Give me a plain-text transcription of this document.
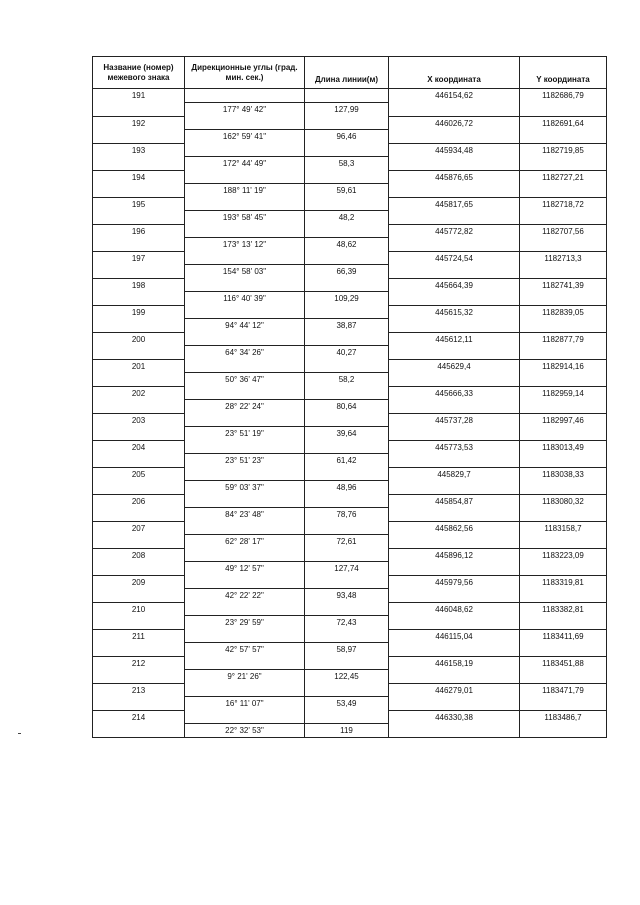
Название (номер) межевого знака	Дирекционные углы (град. мин. сек.)	Длина линии(м)	X координата	Y координата
191			446154,62	1182686,79
	177° 49' 42"	127,99		
192			446026,72	1182691,64
	162° 59' 41"	96,46		
193			445934,48	1182719,85
	172° 44' 49"	58,3		
194			445876,65	1182727,21
	188° 11' 19"	59,61		
195			445817,65	1182718,72
	193° 58' 45"	48,2		
196			445772,82	1182707,56
	173° 13' 12"	48,62		
197			445724,54	1182713,3
	154° 58' 03"	66,39		
198			445664,39	1182741,39
	116° 40' 39"	109,29		
199			445615,32	1182839,05
	94° 44' 12"	38,87		
200			445612,11	1182877,79
	64° 34' 26"	40,27		
201			445629,4	1182914,16
	50° 36' 47"	58,2		
202			445666,33	1182959,14
	28° 22' 24"	80,64		
203			445737,28	1182997,46
	23° 51' 19"	39,64		
204			445773,53	1183013,49
	23° 51' 23"	61,42		
205			445829,7	1183038,33
	59° 03' 37"	48,96		
206			445854,87	1183080,32
	84° 23' 48"	78,76		
207			445862,56	1183158,7
	62° 28' 17"	72,61		
208			445896,12	1183223,09
	49° 12' 57"	127,74		
209			445979,56	1183319,81
	42° 22' 22"	93,48		
210			446048,62	1183382,81
	23° 29' 59"	72,43		
211			446115,04	1183411,69
	42° 57' 57"	58,97		
212			446158,19	1183451,88
	9° 21' 26"	122,45		
213			446279,01	1183471,79
	16° 11' 07"	53,49		
214			446330,38	1183486,7
	22° 32' 53"	119		
